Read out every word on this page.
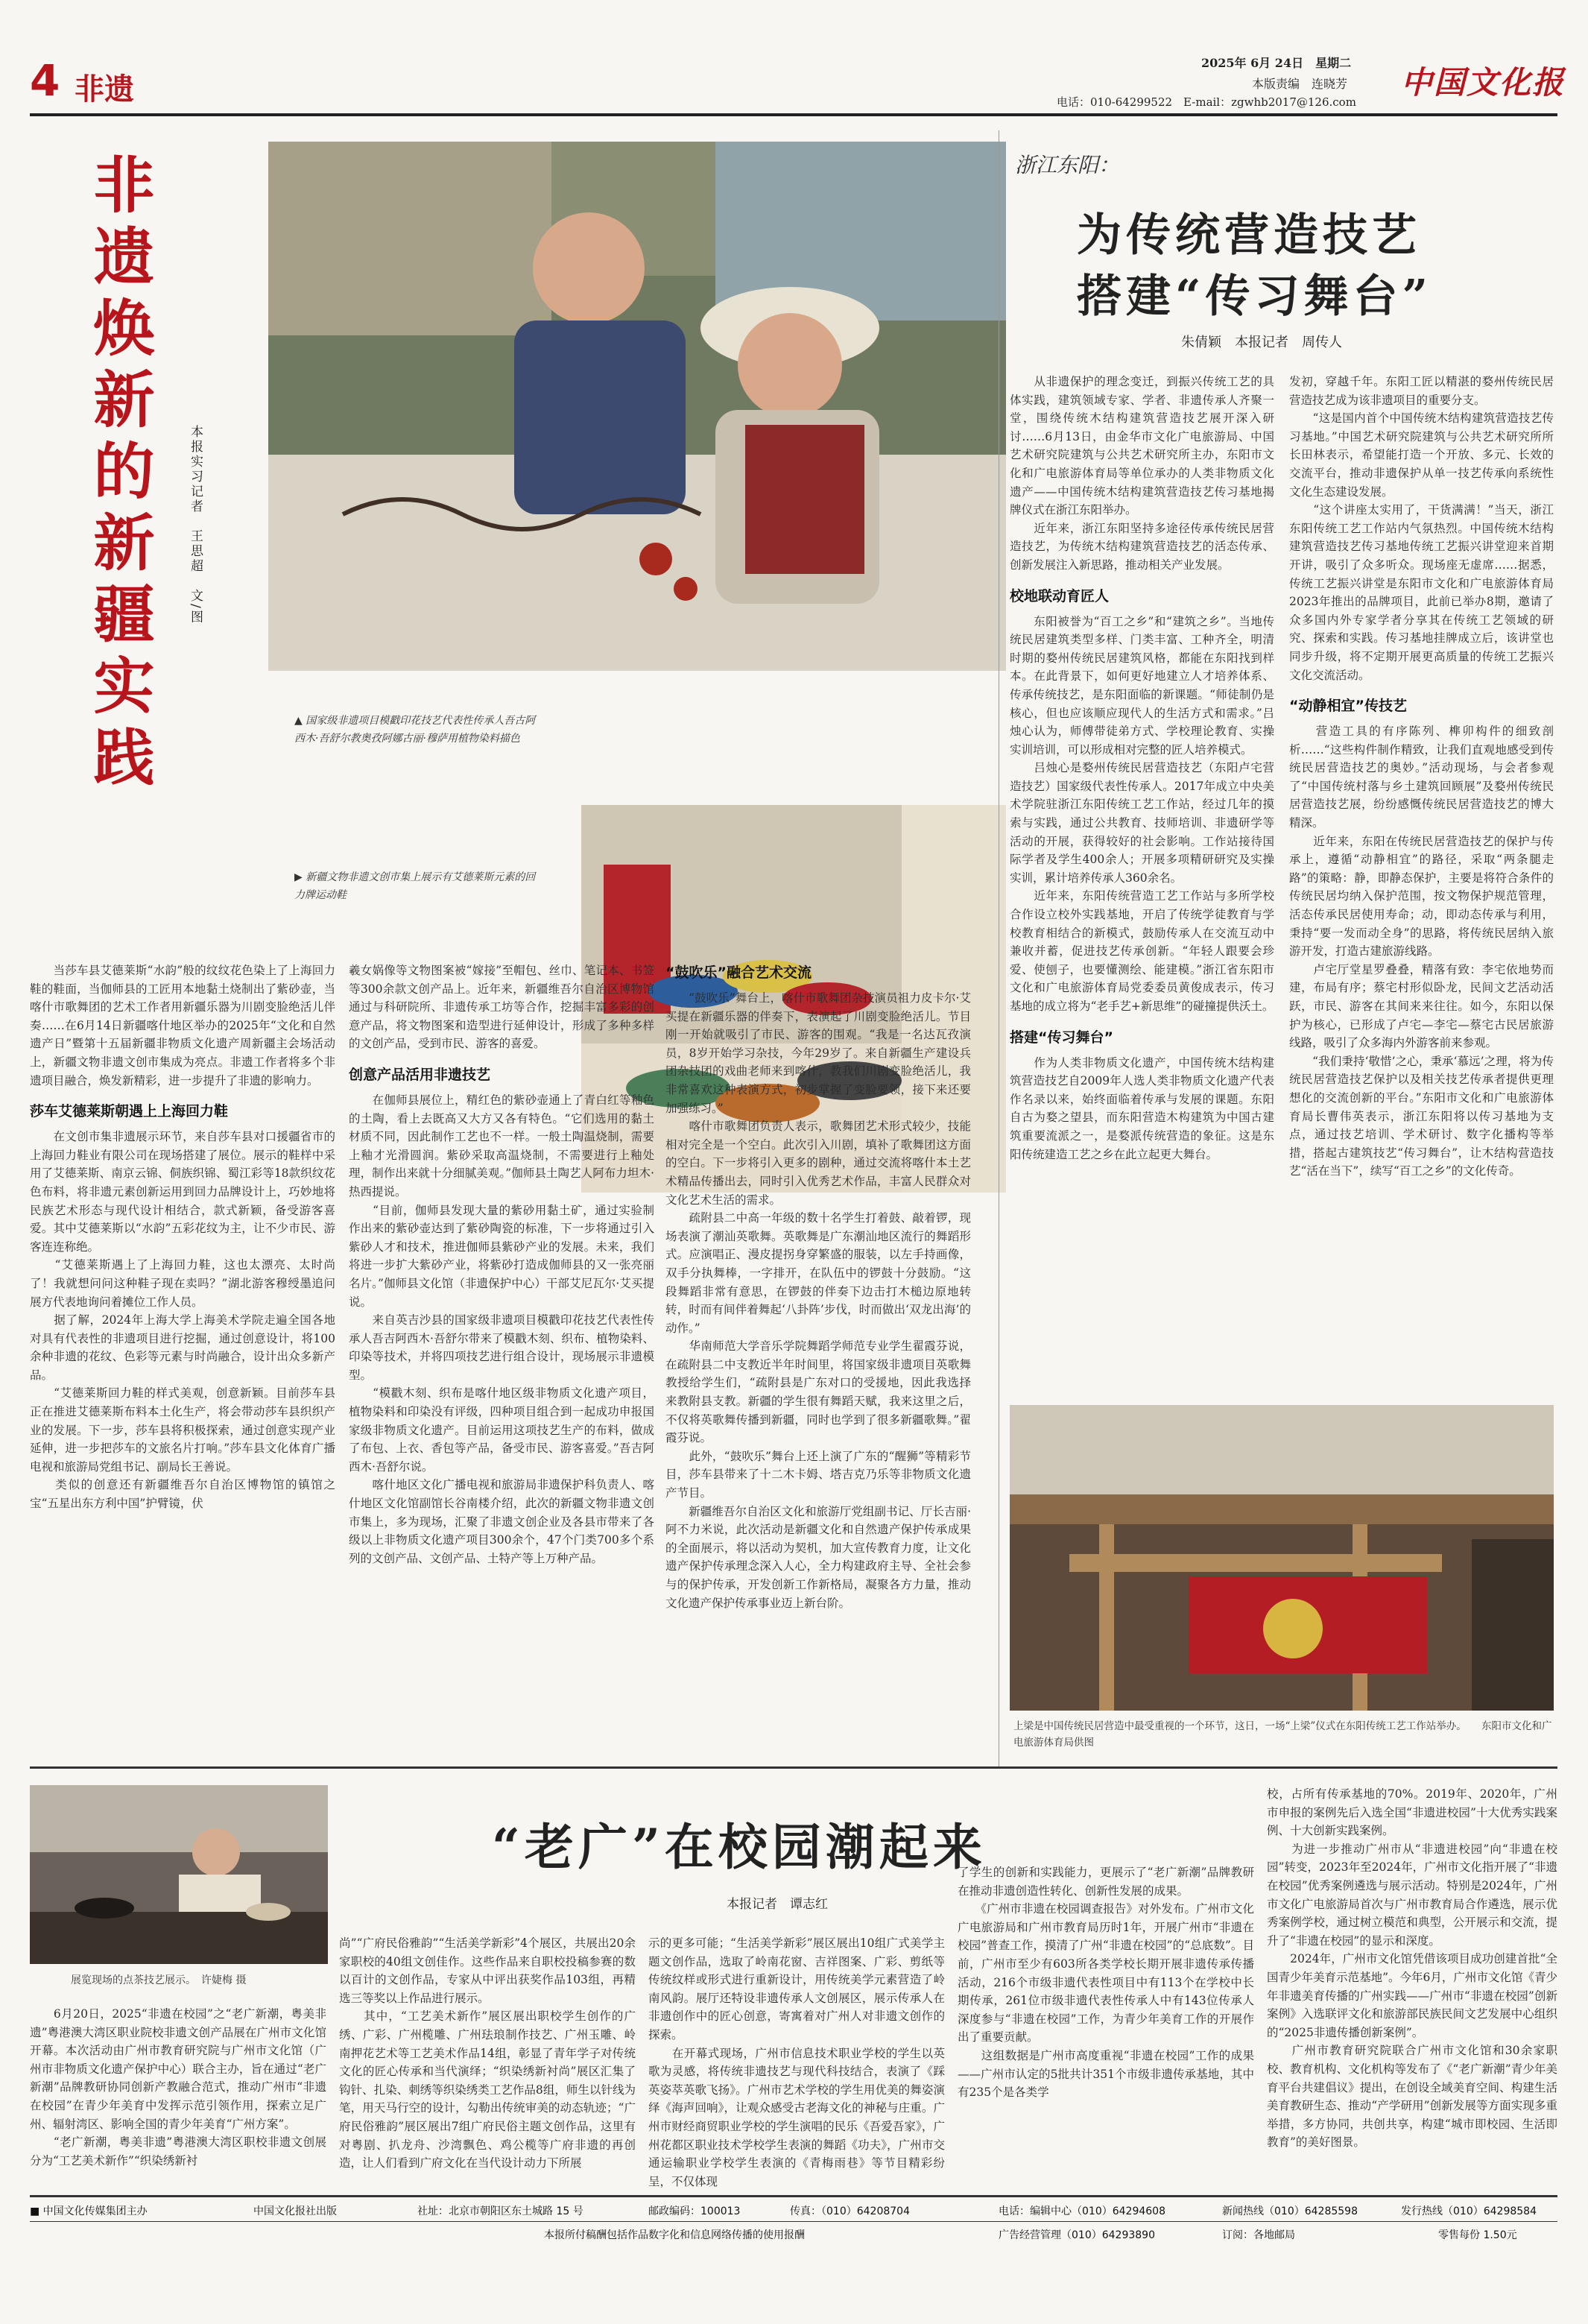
4 非遗
2025年 6月 24日　星期二
本版责编　连晓芳
电话：010-64299522　E-mail：zgwhb2017@126.com
中国文化报
非遗焕新的新疆实践	本报实习记者　王思超　文/图
▲ 国家级非遗项目模戳印花技艺代表性传承人吾古阿西木·吾舒尔教奥孜阿娜古丽·穆萨用植物染料描色
▶ 新疆文物非遗文创市集上展示有艾德莱斯元素的回力牌运动鞋
　　当莎车县艾德莱斯“水韵”般的纹纹花色染上了上海回力鞋的鞋面，当伽师县的工匠用本地黏土烧制出了紫砂壶，当喀什市歌舞团的艺术工作者用新疆乐器为川剧变脸绝活儿伴奏……在6月14日新疆喀什地区举办的2025年“文化和自然遗产日”暨第十五届新疆非物质文化遗产周新疆主会场活动上，新疆文物非遗文创市集成为亮点。非遗工作者将多个非遗项目融合，焕发新精彩，进一步提升了非遗的影响力。
莎车艾德莱斯朝遇上上海回力鞋
　　在文创市集非遗展示环节，来自莎车县对口援疆省市的上海回力鞋业有限公司在现场搭建了展位。展示的鞋样中采用了艾德莱斯、南京云锦、侗族织锦、蜀江彩等18款织纹花色布料，将非遗元素创新运用到回力品牌设计上，巧妙地将民族艺术形态与现代设计相结合，款式新颖，备受游客喜爱。其中艾德莱斯以“水韵”五彩花纹为主，让不少市民、游客连连称绝。
　　“艾德莱斯遇上了上海回力鞋，这也太漂亮、太时尚了！我就想问问这种鞋子现在卖吗？”湖北游客穆绶墨追问展方代表地询问着摊位工作人员。
　　据了解，2024年上海大学上海美术学院走遍全国各地对具有代表性的非遗项目进行挖掘，通过创意设计，将100余种非遗的花纹、色彩等元素与时尚融合，设计出众多新产品。
　　“艾德莱斯回力鞋的样式美观，创意新颖。目前莎车县正在推进艾德莱斯布料本土化生产，将会带动莎车县织织产业的发展。下一步，莎车县将积极探索，通过创意实现产业延伸，进一步把莎车的文旅名片打响。”莎车县文化体育广播电视和旅游局党组书记、副局长王善说。
　　类似的创意还有新疆维吾尔自治区博物馆的镇馆之宝“五星出东方利中国”护臂镜，伏
羲女娲像等文物图案被“嫁接”至帽包、丝巾、笔记本、书签等300余款文创产品上。近年来，新疆维吾尔自治区博物馆通过与科研院所、非遗传承工坊等合作，挖掘丰富多彩的创意产品，将文物图案和造型进行延伸设计，形成了多种多样的文创产品，受到市民、游客的喜爱。
创意产品活用非遗技艺
　　在伽师县展位上，精红色的紫砂壶通上了青白红等釉色的土陶，看上去既高又大方又各有特色。“它们选用的黏土材质不同，因此制作工艺也不一样。一般土陶温烧制，需要上釉才光滑圆润。紫砂采取高温烧制，不需要进行上釉处理，制作出来就十分细腻美观。”伽师县土陶艺人阿布力坦木·热西提说。
　　“目前，伽师县发现大量的紫砂用黏土矿，通过实验制作出来的紫砂壶达到了紫砂陶瓷的标准，下一步将通过引入紫砂人才和技术，推进伽师县紫砂产业的发展。未来，我们将进一步扩大紫砂产业，将紫砂打造成伽师县的又一张亮丽名片。”伽师县文化馆（非遗保护中心）干部艾尼瓦尔·艾买提说。
　　来自英吉沙县的国家级非遗项目模戳印花技艺代表性传承人吾吉阿西木·吾舒尔带来了模戳木刻、织布、植物染料、印染等技术，并将四项技艺进行组合设计，现场展示非遗模型。
　　“模戳木刻、织布是喀什地区级非物质文化遗产项目，植物染料和印染没有评级，四种项目组合到一起成功申报国家级非物质文化遗产。目前运用这项技艺生产的布料，做成了布包、上衣、香包等产品，备受市民、游客喜爱。”吾吉阿西木·吾舒尔说。
　　喀什地区文化广播电视和旅游局非遗保护科负责人、喀什地区文化馆副馆长谷南楼介绍，此次的新疆文物非遗文创市集上，多为现场，汇聚了非遗文创企业及各县市带来了各级以上非物质文化遗产项目300余个，47个门类700多个系列的文创产品、文创产品、土特产等上万种产品。
“鼓吹乐”融合艺术交流
　　“鼓吹乐”舞台上，喀什市歌舞团杂技演员祖力皮卡尔·艾买提在新疆乐器的伴奏下，表演起了川剧变脸绝活儿。节目刚一开始就吸引了市民、游客的围观。“我是一名达瓦孜演员，8岁开始学习杂技，今年29岁了。来自新疆生产建设兵团杂技团的戏曲老师来到喀什，教我们川剧变脸绝活儿，我非常喜欢这种表演方式，初步掌握了变脸要领，接下来还要加强练习。”
　　喀什市歌舞团负责人表示，歌舞团艺术形式较少，技能相对完全是一个空白。此次引入川剧，填补了歌舞团这方面的空白。下一步将引入更多的剧种，通过交流将喀什本土艺术精品传播出去，同时引入优秀艺术作品，丰富人民群众对文化艺术生活的需求。
　　疏附县二中高一年级的数十名学生打着鼓、敲着锣，现场表演了潮汕英歌舞。英歌舞是广东潮汕地区流行的舞蹈形式。应演唱正、漫皮提拐身穿繁盛的服装，以左手持画像，双手分执舞棒，一字排开，在队伍中的锣鼓十分鼓励。“这段舞蹈非常有意思，在锣鼓的伴奏下边击打木槌边原地转转，时而有间伴着舞起‘八卦阵’步伐，时而做出‘双龙出海’的动作。”
　　华南师范大学音乐学院舞蹈学师范专业学生翟霞芬说，在疏附县二中支教近半年时间里，将国家级非遗项目英歌舞教授给学生们，“疏附县是广东对口的受援地，因此我选择来教附县支教。新疆的学生很有舞蹈天赋，我来这里之后，不仅将英歌舞传播到新疆，同时也学到了很多新疆歌舞。”翟霞芬说。
　　此外，“鼓吹乐”舞台上还上演了广东的“醒狮”等精彩节目，莎车县带来了十二木卡姆、塔吉克乃乐等非物质文化遗产节目。
　　新疆维吾尔自治区文化和旅游厅党组副书记、厅长吉丽·阿不力米说，此次活动是新疆文化和自然遗产保护传承成果的全面展示，将以活动为契机，加大宣传教育力度，让文化遗产保护传承理念深入人心，全力构建政府主导、全社会参与的保护传承，开发创新工作新格局，凝聚各方力量，推动文化遗产保护传承事业迈上新台阶。
浙江东阳：
为传统营造技艺
搭建“传习舞台”
朱倩颖　本报记者　周传人
　　从非遗保护的理念变迁，到振兴传统工艺的具体实践，建筑领域专家、学者、非遗传承人齐聚一堂，围绕传统木结构建筑营造技艺展开深入研讨……6月13日，由金华市文化广电旅游局、中国艺术研究院建筑与公共艺术研究所主办，东阳市文化和广电旅游体育局等单位承办的人类非物质文化遗产——中国传统木结构建筑营造技艺传习基地揭牌仪式在浙江东阳举办。
　　近年来，浙江东阳坚持多途径传承传统民居营造技艺，为传统木结构建筑营造技艺的活态传承、创新发展注入新思路，推动相关产业发展。
校地联动育匠人
　　东阳被誉为“百工之乡”和“建筑之乡”。当地传统民居建筑类型多样、门类丰富、工种齐全，明清时期的婺州传统民居建筑风格，都能在东阳找到样本。在此背景下，如何更好地建立人才培养体系、传承传统技艺，是东阳面临的新课题。“师徒制仍是核心，但也应该顺应现代人的生活方式和需求。”吕烛心认为，师傅带徒弟方式、学校理论教育、实操实训培训，可以形成相对完整的匠人培养模式。
　　吕烛心是婺州传统民居营造技艺（东阳卢宅营造技艺）国家级代表性传承人。2017年成立中央美术学院驻浙江东阳传统工艺工作站，经过几年的摸索与实践，通过公共教育、技师培训、非遗研学等活动的开展，获得较好的社会影响。工作站接待国际学者及学生400余人；开展多项精研研究及实操实训，累计培养传承人360余名。
　　近年来，东阳传统营造工艺工作站与多所学校合作设立校外实践基地，开启了传统学徒教育与学校教育相结合的新模式，鼓励传承人在交流互动中兼收并蓄，促进技艺传承创新。“年轻人跟要会珍爱、使刨子，也要懂测绘、能建模。”浙江省东阳市文化和广电旅游体育局党委委员黄俊成表示，传习基地的成立将为“老手艺+新思维”的碰撞提供沃土。
搭建“传习舞台”
　　作为人类非物质文化遗产，中国传统木结构建筑营造技艺自2009年人选人类非物质文化遗产代表作名录以来，始终面临着传承与发展的课题。东阳自古为婺之望县，而东阳营造木构建筑为中国古建筑重要流派之一，是婺派传统营造的象征。这是东阳传统建造工艺之乡在此立起更大舞台。
发初，穿越千年。东阳工匠以精湛的婺州传统民居营造技艺成为该非遗项目的重要分支。
　　“这是国内首个中国传统木结构建筑营造技艺传习基地。”中国艺术研究院建筑与公共艺术研究所所长田林表示，希望能打造一个开放、多元、长效的交流平台，推动非遗保护从单一技艺传承向系统性文化生态建设发展。
　　“这个讲座太实用了，干货满满！”当天，浙江东阳传统工艺工作站内气氛热烈。中国传统木结构建筑营造技艺传习基地传统工艺振兴讲堂迎来首期开讲，吸引了众多听众。现场座无虚席……据悉，传统工艺振兴讲堂是东阳市文化和广电旅游体育局2023年推出的品牌项目，此前已举办8期，邀请了众多国内外专家学者分享其在传统工艺领域的研究、探索和实践。传习基地挂牌成立后，该讲堂也同步升级，将不定期开展更高质量的传统工艺振兴文化交流活动。
“动静相宜”传技艺
　　营造工具的有序陈列、榫卯构件的细致剖析……“这些构件制作精致，让我们直观地感受到传统民居营造技艺的奥妙。”活动现场，与会者参观了“中国传统村落与乡土建筑回顾展”及婺州传统民居营造技艺展，纷纷感慨传统民居营造技艺的博大精深。
　　近年来，东阳在传统民居营造技艺的保护与传承上，遵循“动静相宜”的路径，采取“两条腿走路”的策略：静，即静态保护，主要是将符合条件的传统民居均纳入保护范围，按文物保护规范管理，活态传承民居使用寿命；动，即动态传承与利用，秉持“要一发而动全身”的思路，将传统民居纳入旅游开发，打造古建旅游线路。
　　卢宅厅堂星罗叠叠，精落有致：李宅依地势而建，布局有序；蔡宅村形似卧龙，民间文艺活动活跃，市民、游客在其间来来往往。如今，东阳以保护为核心，已形成了卢宅—李宅—蔡宅古民居旅游线路，吸引了众多海内外游客前来参观。
　　“我们秉持‘敬惜’之心，秉承‘慕远’之理，将为传统民居营造技艺保护以及相关技艺传承者提供更理想化的交流创新的平台。”东阳市文化和广电旅游体育局长曹伟英表示，浙江东阳将以传习基地为支点，通过技艺培训、学术研讨、数字化播构等举措，搭起古建筑技艺“传习舞台”，让木结构营造技艺“活在当下”，续写“百工之乡”的文化传奇。
上梁是中国传统民居营造中最受重视的一个环节，这日，一场“上梁”仪式在东阳传统工艺工作站举办。　　东阳市文化和广电旅游体育局供图
展览现场的点茶技艺展示。　许婕梅 摄
“老广”在校园潮起来
本报记者　谭志红
　　6月20日，2025“非遗在校园”之“老广新潮，粤美非遗”粤港澳大湾区职业院校非遗文创产品展在广州市文化馆开幕。本次活动由广州市教育研究院与广州市文化馆（广州市非物质文化遗产保护中心）联合主办，旨在通过“老广新潮”品牌教研协同创新产教融合范式，推动广州市“非遗在校园”在青少年美育中发挥示范引领作用，探索立足广州、辐射湾区、影响全国的青少年美育“广州方案”。
　　“老广新潮，粤美非遗”粤港澳大湾区职校非遗文创展分为“工艺美术新作”“织染绣新衬
尚”“广府民俗雅韵”“生活美学新彩”4个展区，共展出20余家职校的40组文创佳作。这些作品来自职校投稿参赛的数以百计的文创作品，专家从中评出获奖作品103组，再精选三等奖以上作品进行展示。
　　其中，“工艺美术新作”展区展出职校学生创作的广绣、广彩、广州榄雕、广州珐琅制作技艺、广州玉雕、岭南押花艺术等工艺美术作品14组，彰显了青年学子对传统文化的匠心传承和当代演绎；“织染绣新衬尚”展区汇集了钩针、扎染、刺绣等织染绣类工艺作品8组，师生以针线为笔，用天马行空的设计，勾勒出传统审美的动态轨迹；“广府民俗雅韵”展区展出7组广府民俗主题文创作品，这里有对粤剧、扒龙舟、沙湾飘色、鸡公榄等广府非遗的再创造，让人们看到广府文化在当代设计动力下所展
示的更多可能；“生活美学新彩”展区展出10组广式美学主题文创作品，选取了岭南花窗、吉祥图案、广彩、剪纸等传统纹样或形式进行重新设计，用传统美学元素营造了岭南风韵。展厅还特设非遗传承人文创展区，展示传承人在非遗创作中的匠心创意，寄寓着对广州人对非遗文创作的探索。
　　在开幕式现场，广州市信息技术职业学校的学生以英歌为灵感，将传统非遗技艺与现代科技结合，表演了《踩英姿萃英歌飞扬》。广州市艺术学校的学生用优美的舞姿演绎《海声回响》，让观众感受古老海文化的神秘与庄重。广州市财经商贸职业学校的学生演唱的民乐《吾爱吾家》，广州花都区职业技术学校学生表演的舞蹈《功夫》，广州市交通运输职业学校学生表演的《青梅雨巷》等节目精彩纷呈，不仅体现
了学生的创新和实践能力，更展示了“老广新潮”品牌教研在推动非遗创造性转化、创新性发展的成果。
　　《广州市非遗在校园调查报告》对外发布。广州市文化广电旅游局和广州市教育局历时1年，开展广州市“非遗在校园”普查工作，摸清了广州“非遗在校园”的“总底数”。目前，广州市至少有603所各类学校长期开展非遗传承传播活动，216个市级非遗代表性项目中有113个在学校中长期传承，261位市级非遗代表性传承人中有143位传承人深度参与“非遗在校园”工作，为青少年美育工作的开展作出了重要贡献。
　　这组数据是广州市高度重视“非遗在校园”工作的成果——广州市认定的5批共计351个市级非遗传承基地，其中有235个是各类学
校，占所有传承基地的70%。2019年、2020年，广州市申报的案例先后入选全国“非遗进校园”十大优秀实践案例、十大创新实践案例。
　　为进一步推动广州市从“非遗进校园”向“非遗在校园”转变，2023年至2024年，广州市文化指开展了“非遗在校园”优秀案例遴选与展示活动。特别是2024年，广州市文化广电旅游局首次与广州市教育局合作遴选，展示优秀案例学校，通过树立模范和典型，公开展示和交流，提升了“非遗在校园”的显示和深度。
　　2024年，广州市文化馆凭借该项目成功创建首批“全国青少年美育示范基地”。今年6月，广州市文化馆《青少年非遗美育传播的广州实践——广州市“非遗在校园”创新案例》入选联评文化和旅游部民族民间文艺发展中心组织的“2025非遗传播创新案例”。
　　广州市教育研究院联合广州市文化馆和30余家职校、教育机构、文化机构等发布了《“老广新潮”青少年美育平台共建倡议》提出，在创设全域美育空间、构建生活美育教研生态、推动“产学研用”创新发展等方面实现多重举措，多方协同，共创共享，构建“城市即校园、生活即教育”的美好图景。
■ 中国文化传媒集团主办	中国文化报社出版	社址：北京市朝阳区东土城路 15 号	邮政编码：100013	传真：（010）64208704	电话：编辑中心（010）64294608	新闻热线（010）64285598	发行热线（010）64298584
本报所付稿酬包括作品数字化和信息网络传播的使用报酬	广告经营管理（010）64293890	订阅：各地邮局	零售每份 1.50元
